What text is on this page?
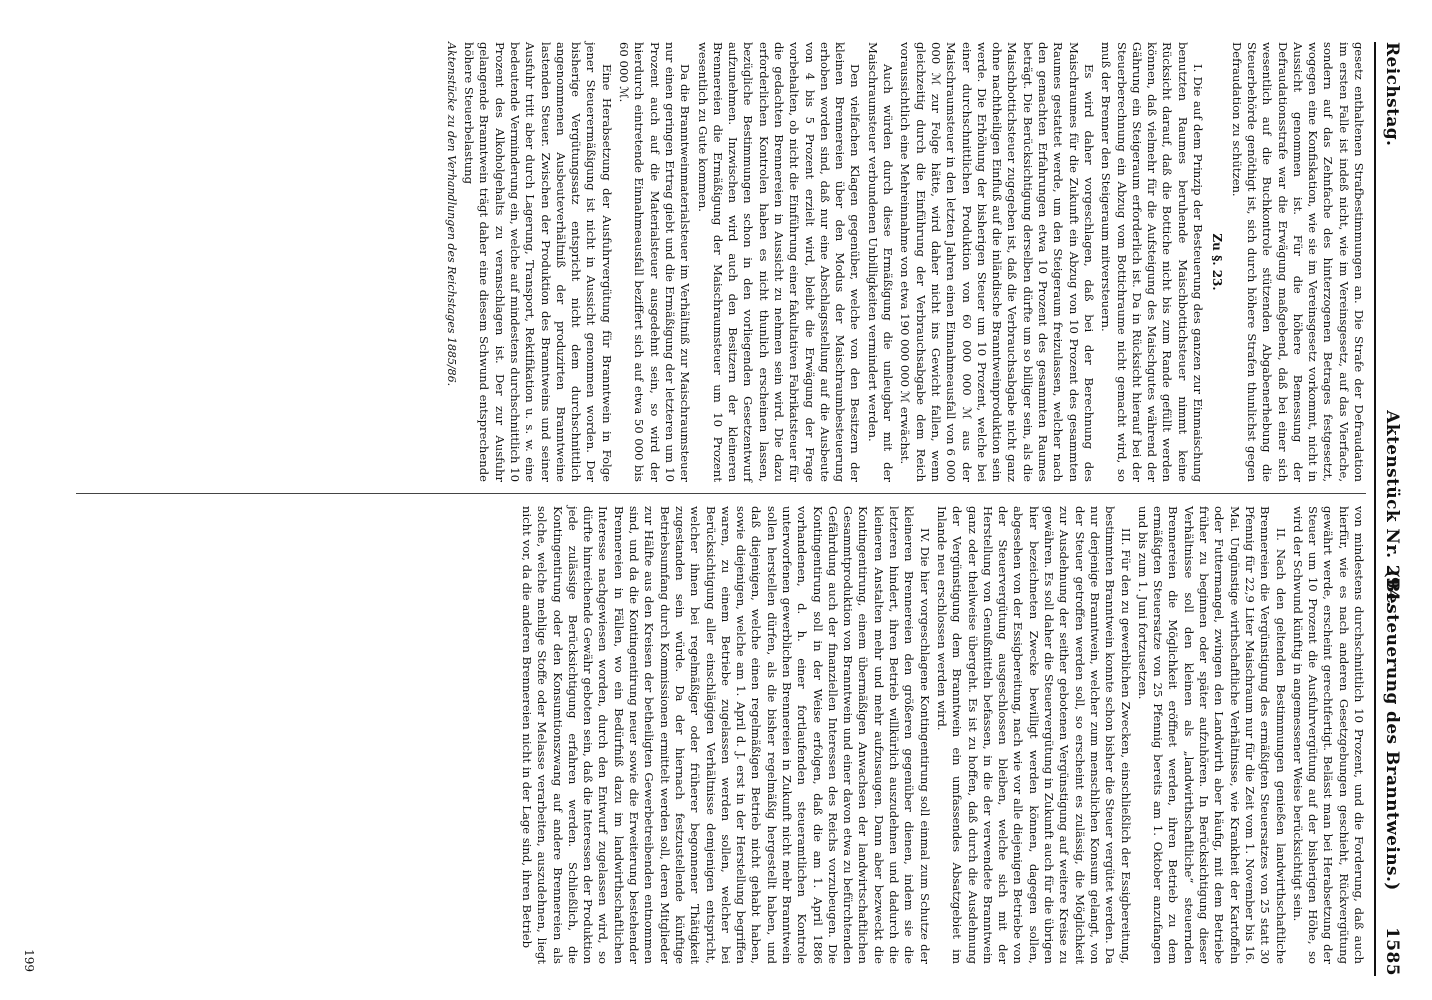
Reichstag.
Aktenstück Nr. 294.
(Besteuerung des Branntweins.) 1585

gesetz enthaltenen Strafbestimmungen an. Die Strafe der Defraudation im ersten Falle ist indeß nicht, wie im Vereinsgesetz, auf das Vierfache, sondern auf das Zehnfache des hinterzogenen Betrages festgesetzt, wogegen eine Konfiskation, wie sie im Vereinsgesetz vorkommt, nicht in Aussicht genommen ist. Für die höhere Bemessung der Defraudationsstrafe war die Erwägung maßgebend, daß bei einer sich wesentlich auf die Buchkontrole stützenden Abgabenerhebung die Steuerbehörde genöthigt ist, sich durch höhere Strafen thunlichst gegen Defraudation zu schützen.

Zu §. 23.

I. Die auf dem Prinzip der Besteuerung des ganzen zur Einmaischung benutzten Raumes beruhende Maischbottichsteuer nimmt keine Rücksicht darauf, daß die Bottiche nicht bis zum Rande gefüllt werden können, daß vielmehr für die Aufsteigung des Maischgutes während der Gährung ein Steigeraum erforderlich ist. Da in Rücksicht hierauf bei der Steuerberechnung ein Abzug vom Bottichraume nicht gemacht wird, so muß der Brenner den Steigeraum mitversteuern.

Es wird daher vorgeschlagen, daß bei der Berechnung des Maischraumes für die Zukunft ein Abzug von 10 Prozent des gesammten Raumes gestattet werde, um den Steigeraum freizulassen, welcher nach den gemachten Erfahrungen etwa 10 Prozent des gesammten Raumes beträgt. Die Berücksichtigung derselben dürfte um so billiger sein, als die Maischbottichsteuer zugegeben ist, daß die Verbrauchsabgabe nicht ganz ohne nachtheiligen Einfluß auf die inländische Branntweinproduktion sein werde. Die Erhöhung der bisherigen Steuer um 10 Prozent, welche bei einer durchschnittlichen Produktion von 60 000 000 ℳ aus der Maischraumsteuer in den letzten Jahren einen Einnahmeausfall von 6 000 000 ℳ zur Folge hätte, wird daher nicht ins Gewicht fallen, wenn gleichzeitig durch die Einführung der Verbrauchsabgabe dem Reich voraussichtlich eine Mehreinnahme von etwa 190 000 000 ℳ erwächst.

Auch würden durch diese Ermäßigung die unleugbar mit der Maischraumsteuer verbundenen Unbilligkeiten vermindert werden.

Den vielfachen Klagen gegenüber, welche von den Besitzern der kleinen Brennereien über den Modus der Maischraumbesteuerung erhoben worden sind, daß nur eine Abschlagsstellung auf die Ausbeute von 4 bis 5 Prozent erzielt wird, bleibt die Erwägung der Frage vorbehalten, ob nicht die Einführung einer fakultativen Fabrikatsteuer für die gedachten Brennereien in Aussicht zu nehmen sein wird. Die dazu erforderlichen Kontrolen haben es nicht thunlich erscheinen lassen, bezügliche Bestimmungen schon in den vorliegenden Gesetzentwurf aufzunehmen. Inzwischen wird auch den Besitzern der kleineren Brennereien die Ermäßigung der Maischraumsteuer um 10 Prozent wesentlich zu Gute kommen.

Da die Branntweinmaterialsteuer im Verhältniß zur Maischraumsteuer nur einen geringen Ertrag giebt und die Ermäßigung der letzteren um 10 Prozent auch auf die Materialsteuer ausgedehnt sein, so wird der hierdurch eintretende Einnahmeausfall beziffert sich auf etwa 50 000 bis 60 000 ℳ.

Eine Herabsetzung der Ausfuhrvergütung für Branntwein in Folge jener Steuerermäßigung ist nicht in Aussicht genommen worden. Der bisherige Vergütungssatz entspricht nicht dem durchschnittlich angenommenen Ausbeuteverhältniß der produzirten Branntweine lastenden Steuer. Zwischen der Produktion des Branntweins und seiner Ausfuhr tritt aber durch Lagerung, Transport, Rektifikation u. s. w. eine bedeutende Verminderung ein, welche auf mindestens durchschnittlich 10 Prozent des Alkoholgehalts zu veranschlagen ist. Der zur Ausfuhr gelangende Branntwein trägt daher eine diesem Schwund entsprechende höhere Steuerbelastung

Aktenstücke zu den Verhandlungen des Reichstages 1885/86.

von mindestens durchschnittlich 10 Prozent, und die Forderung, daß auch hierfür, wie es nach anderen Gesetzgebungen geschieht, Rückvergütung gewährt werde, erscheint gerechtfertigt. Belässt man bei Herabsetzung der Steuer um 10 Prozent die Ausfuhrvergütung auf der bisherigen Höhe, so wird der Schwund künftig in angemessener Weise berücksichtigt sein.

II. Nach den geltenden Bestimmungen genießen landwirthschaftliche Brennereien die Vergünstigung des ermäßigten Steuersatzes von 25 statt 30 Pfennig für 22,9 Liter Maischraum nur für die Zeit vom 1. November bis 16. Mai. Ungünstige wirthschaftliche Verhältnisse, wie Krankheit der Kartoffeln oder Futtermangel, zwingen den Landwirth aber häufig, mit dem Betriebe früher zu beginnen oder später aufzuhören. In Berücksichtigung dieser Verhältnisse soll den kleinen als „landwirthschaftliche“ steuernden Brennereien die Möglichkeit eröffnet werden, ihren Betrieb zu dem ermäßigten Steuersatze von 25 Pfennig bereits am 1. Oktober anzufangen und bis zum 1. Juni fortzusetzen.

III. Für den zu gewerblichen Zwecken, einschließlich der Essigbereitung, bestimmten Branntwein konnte schon bisher die Steuer vergütet werden. Da nur derjenige Branntwein, welcher zum menschlichen Konsum gelangt, von der Steuer getroffen werden soll, so erscheint es zulässig, die Möglichkeit zur Ausdehnung der seither gebotenen Vergünstigung auf weitere Kreise zu gewähren. Es soll daher die Steuervergütung in Zukunft auch für die übrigen hier bezeichneten Zwecke bewilligt werden können, dagegen sollen, abgesehen von der Essigbereitung, nach wie vor alle diejenigen Betriebe von der Steuervergütung ausgeschlossen bleiben, welche sich mit der Herstellung von Genußmitteln befassen, in die der verwendete Branntwein ganz oder theilweise übergeht. Es ist zu hoffen, daß durch die Ausdehnung der Vergünstigung dem Branntwein ein umfassendes Absatzgebiet im Inlande neu erschlossen werden wird.

IV. Die hier vorgeschlagene Kontingentirung soll einmal zum Schutze der kleineren Brennereien den größeren gegenüber dienen, indem sie die letzteren hindert, ihren Betrieb willkürlich auszudehnen und dadurch die kleineren Anstalten mehr und mehr aufzusaugen. Dann aber bezweckt die Kontingentirung, einem übermäßigen Anwachsen der landwirtschaftlichen Gesammtproduktion von Branntwein und einer davon etwa zu befürchtenden Gefährdung auch der finanziellen Interessen des Reichs vorzubeugen. Die Kontingentirung soll in der Weise erfolgen, daß die am 1. April 1886 vorhandenen, d. h. einer fortlaufenden steueramtlichen Kontrole unterworfenen gewerblichen Brennereien in Zukunft nicht mehr Branntwein sollen herstellen dürfen, als die bisher regelmäßig hergestellt haben, und daß diejenigen, welche einen regelmäßigen Betrieb nicht gehabt haben, sowie diejenigen, welche am 1. April d. J. erst in der Herstellung begriffen waren, zu einem Betriebe zugelassen werden sollen, welcher bei Berücksichtigung aller einschlägigen Verhältnisse demjenigen entspricht, welcher ihnen bei regelmäßiger oder früherer begonnener Thätigkeit zugestanden sein würde. Da der hiernach festzustellende künftige Betriebsumfang durch Kommissionen ermittelt werden soll, deren Mitglieder zur Hälfte aus den Kreisen der betheiligten Gewerbetreibenden entnommen sind, und da die Kontingentirung neuer sowie die Erweiterung bestehender Brennereien in Fällen, wo ein Bedürfniß dazu im landwirthschaftlichen Interesse nachgewiesen worden, durch den Entwurf zugelassen wird, so dürfte hinreichende Gewähr geboten sein, daß die Interessen der Produktion jede zulässige Berücksichtigung erfahren werden. Schließlich, die Kontingentirung oder den Konsumtionszwang auf andere Brennereien als solche, welche mehlige Stoffe oder Melasse verarbeiten, auszudehnen, liegt nicht vor, da die anderen Brennereien nicht in der Lage sind, ihren Betrieb

199
